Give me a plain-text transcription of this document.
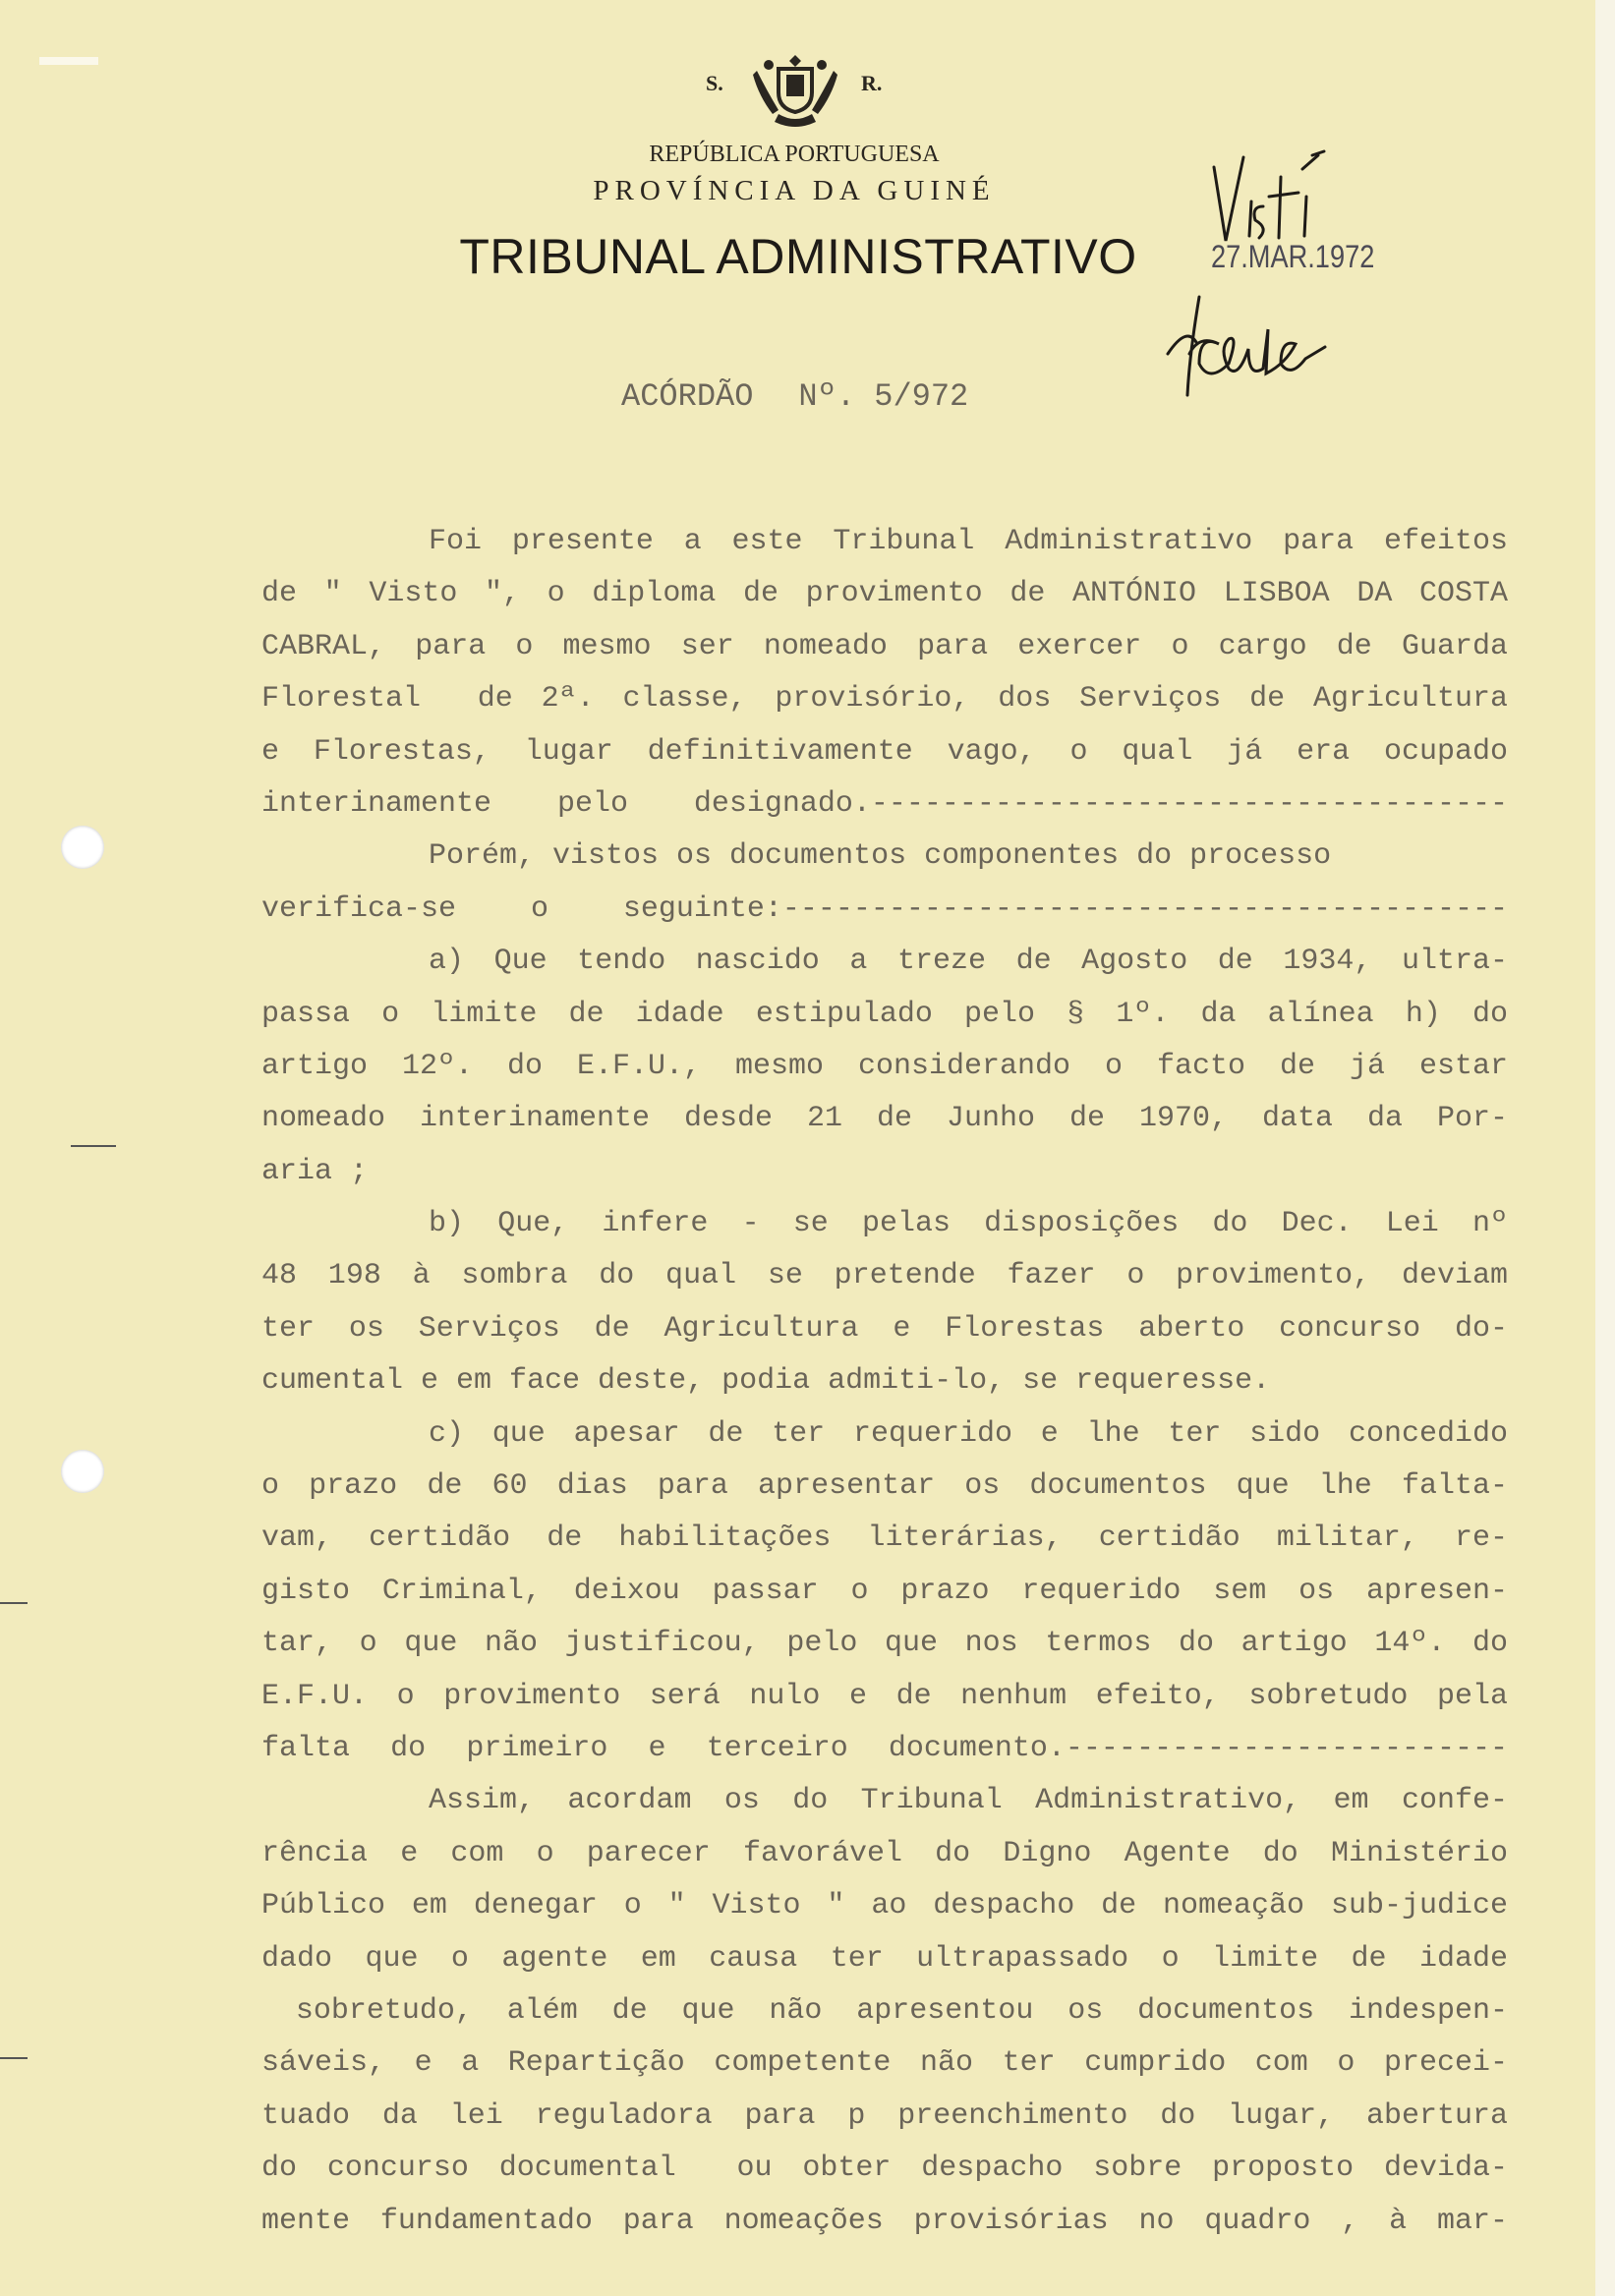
S.	R.
REPÚBLICA PORTUGUESA
PROVÍNCIA DA GUINÉ
TRIBUNAL ADMINISTRATIVO	27.MAR.1972
ACÓRDÃO Nº. 5/972
Foi presente a este Tribunal Administrativo para efeitos
de " Visto ", o diploma de provimento de ANTÓNIO LISBOA DA COSTA
CABRAL, para o mesmo ser nomeado para exercer o cargo de Guarda
Florestal  de 2ª. classe, provisório, dos Serviços de Agricultura
e Florestas, lugar definitivamente vago, o qual já era ocupado
interinamente pelo designado.------------------------------------
Porém, vistos os documentos componentes do processo
verifica-se o seguinte:-----------------------------------------
a) Que tendo nascido a treze de Agosto de 1934, ultra-
passa o limite de idade estipulado pelo § 1º. da alínea h) do
artigo 12º. do E.F.U., mesmo considerando o facto de já estar
nomeado interinamente desde 21 de Junho de 1970, data da Por-
aria ;
b) Que, infere - se pelas disposições do Dec. Lei nº
48 198 à sombra do qual se pretende fazer o provimento, deviam
ter os Serviços de Agricultura e Florestas aberto concurso do-
cumental e em face deste, podia admiti-lo, se requeresse.
c) que apesar de ter requerido e lhe ter sido concedido
o prazo de 60 dias para apresentar os documentos que lhe falta-
vam, certidão de habilitações literárias, certidão militar, re-
gisto Criminal, deixou passar o prazo requerido sem os apresen-
tar, o que não justificou, pelo que nos termos do artigo 14º. do
E.F.U. o provimento será nulo e de nenhum efeito, sobretudo pela
falta do primeiro e terceiro documento.-------------------------
Assim, acordam os do Tribunal Administrativo, em confe-
rência e com o parecer favorável do Digno Agente do Ministério
Público em denegar o " Visto " ao despacho de nomeação sub-judice
dado que o agente em causa ter ultrapassado o limite de idade
sobretudo, além de que não apresentou os documentos indespen-
sáveis, e a Repartição competente não ter cumprido com o precei-
tuado da lei reguladora para p preenchimento do lugar, abertura
do concurso documental  ou obter despacho sobre proposto devida-
mente fundamentado para nomeações provisórias no quadro , à mar-
